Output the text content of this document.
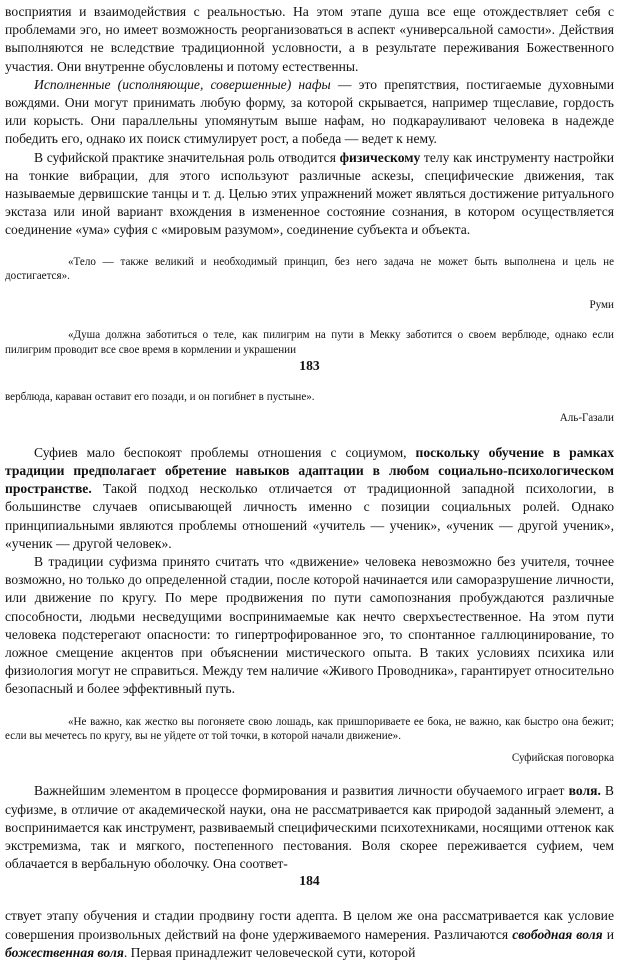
восприятия и взаимодействия с реальностью. На этом этапе душа все еще отождествляет себя с проблемами эго, но имеет возможность реорганизоваться в аспект «универсальной самости». Действия выполняются не вследствие традиционной условности, а в результате переживания Божественного участия. Они внутренне обусловлены и потому естественны.

Исполненные (исполняющие, совершенные) нафы — это препятствия, постигаемые духовными вождями. Они могут принимать любую форму, за которой скрывается, например тщеславие, гордость или корысть. Они параллельны упомянутым выше нафам, но подкарауливают человека в надежде победить его, однако их поиск стимулирует рост, а победа — ведет к нему.

В суфийской практике значительная роль отводится физическому телу как инструменту настройки на тонкие вибрации, для этого используют различные аскезы, специфические движения, так называемые дервишские танцы и т. д. Целью этих упражнений может являться достижение ритуального экстаза или иной вариант вхождения в измененное состояние сознания, в котором осуществляется соединение «ума» суфия с «мировым разумом», соединение субъекта и объекта.

«Тело — также великий и необходимый принцип, без него задача не может быть выполнена и цель не достигается».

Руми

«Душа должна заботиться о теле, как пилигрим на пути в Мекку заботится о своем верблюде, однако если пилигрим проводит все свое время в кормлении и украшении

183

верблюда, караван оставит его позади, и он погибнет в пустыне».

Аль-Газали

Суфиев мало беспокоят проблемы отношения с социумом, поскольку обучение в рамках традиции предполагает обретение навыков адаптации в любом социально-психологическом пространстве. Такой подход несколько отличается от традиционной западной психологии, в большинстве случаев описывающей личность именно с позиции социальных ролей. Однако принципиальными являются проблемы отношений «учитель — ученик», «ученик — другой ученик», «ученик — другой человек».

В традиции суфизма принято считать что «движение» человека невозможно без учителя, точнее возможно, но только до определенной стадии, после которой начинается или саморазрушение личности, или движение по кругу. По мере продвижения по пути самопознания пробуждаются различные способности, людьми несведущими воспринимаемые как нечто сверхъестественное. На этом пути человека подстерегают опасности: то гипертрофированное эго, то спонтанное галлюцинирование, то ложное смещение акцентов при объяснении мистического опыта. В таких условиях психика или физиология могут не справиться. Между тем наличие «Живого Проводника», гарантирует относительно безопасный и более эффективный путь.

«Не важно, как жестко вы погоняете свою лошадь, как пришпориваете ее бока, не важно, как быстро она бежит; если вы мечетесь по кругу, вы не уйдете от той точки, в которой начали движение».

Суфийская поговорка

Важнейшим элементом в процессе формирования и развития личности обучаемого играет воля. В суфизме, в отличие от академической науки, она не рассматривается как природой заданный элемент, а воспринимается как инструмент, развиваемый специфическими психотехниками, носящими оттенок как экстремизма, так и мягкого, постепенного пестования. Воля скорее переживается суфием, чем облачается в вербальную оболочку. Она соответ-

184

ствует этапу обучения и стадии продвину гости адепта. В целом же она рассматривается как условие совершения произвольных действий на фоне удерживаемого намерения. Различаются свободная воля и божественная воля. Первая принадлежит человеческой сути, которой
